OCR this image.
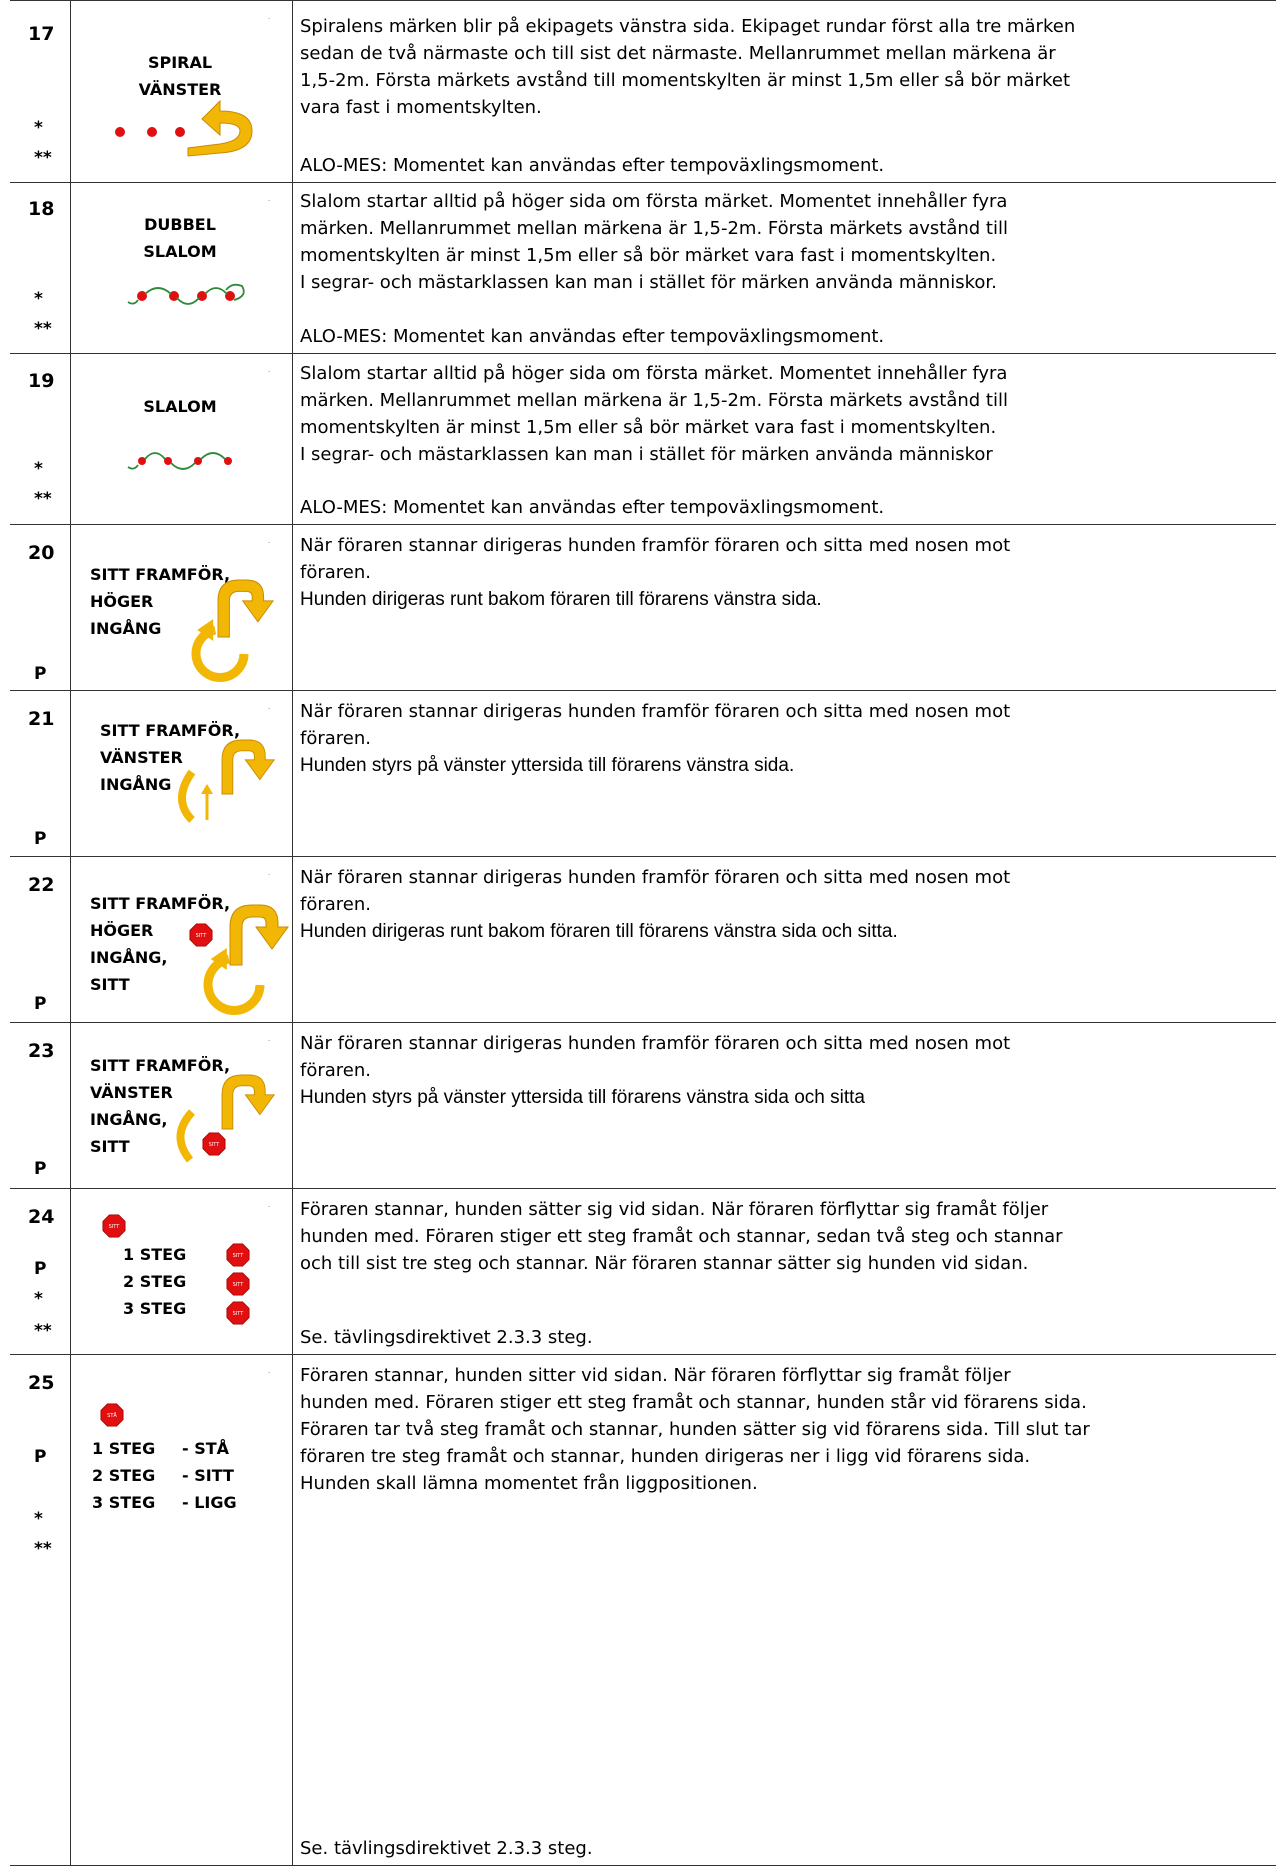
17
*
**
SPIRAL
VÄNSTER
· Spiralens märken blir på ekipagets vänstra sida. Ekipaget rundar först alla tre märken
sedan de två närmaste och till sist det närmaste. Mellanrummet mellan märkena är
1,5-2m. Första märkets avstånd till momentskylten är minst 1,5m eller så bör märket
vara fast i momentskylten.
ALO-MES: Momentet kan användas efter tempoväxlingsmoment.
18
*
**
DUBBEL
SLALOM
· Slalom startar alltid på höger sida om första märket. Momentet innehåller fyra
märken. Mellanrummet mellan märkena är 1,5-2m. Första märkets avstånd till
momentskylten är minst 1,5m eller så bör märket vara fast i momentskylten.
I segrar- och mästarklassen kan man i stället för märken använda människor.
ALO-MES: Momentet kan användas efter tempoväxlingsmoment.
19
*
**
SLALOM
· Slalom startar alltid på höger sida om första märket. Momentet innehåller fyra
märken. Mellanrummet mellan märkena är 1,5-2m. Första märkets avstånd till
momentskylten är minst 1,5m eller så bör märket vara fast i momentskylten.
I segrar- och mästarklassen kan man i stället för märken använda människor
ALO-MES: Momentet kan användas efter tempoväxlingsmoment.
20
P
SITT FRAMFÖR,
HÖGER
INGÅNG
· När föraren stannar dirigeras hunden framför föraren och sitta med nosen mot
föraren.
Hunden dirigeras runt bakom föraren till förarens vänstra sida.
21
P
SITT FRAMFÖR,
VÄNSTER
INGÅNG
· När föraren stannar dirigeras hunden framför föraren och sitta med nosen mot
föraren.
Hunden styrs på vänster yttersida till förarens vänstra sida.
22
P
SITT FRAMFÖR,
HÖGER
INGÅNG,
SITT
·
SITT
När föraren stannar dirigeras hunden framför föraren och sitta med nosen mot
föraren.
Hunden dirigeras runt bakom föraren till förarens vänstra sida och sitta.
23
P
SITT FRAMFÖR,
VÄNSTER
INGÅNG,
SITT
·
SITT
När föraren stannar dirigeras hunden framför föraren och sitta med nosen mot
föraren.
Hunden styrs på vänster yttersida till förarens vänstra sida och sitta
24
P
*
**
1 STEG
2 STEG
3 STEG
·
SITT
SITT
SITT
SITT
Föraren stannar, hunden sätter sig vid sidan. När föraren förflyttar sig framåt följer
hunden med. Föraren stiger ett steg framåt och stannar, sedan två steg och stannar
och till sist tre steg och stannar. När föraren stannar sätter sig hunden vid sidan.
Se. tävlingsdirektivet 2.3.3 steg.
25
P
*
**
·
STÅ
1 STEG
2 STEG
3 STEG
- STÅ
- SITT
- LIGG
Föraren stannar, hunden sitter vid sidan. När föraren förflyttar sig framåt följer
hunden med. Föraren stiger ett steg framåt och stannar, hunden står vid förarens sida.
Föraren tar två steg framåt och stannar, hunden sätter sig vid förarens sida. Till slut tar
föraren tre steg framåt och stannar, hunden dirigeras ner i ligg vid förarens sida.
Hunden skall lämna momentet från liggpositionen.
Se. tävlingsdirektivet 2.3.3 steg.
